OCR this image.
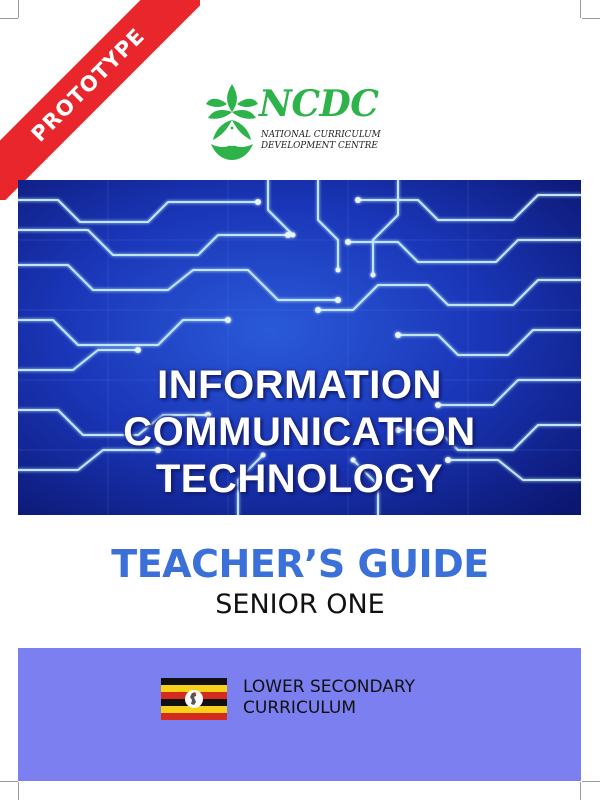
PROTOTYPE	NCDC
NATIONAL CURRICULUM
DEVELOPMENT CENTRE
INFORMATION
COMMUNICATION
TECHNOLOGY
TEACHER’S GUIDE
SENIOR ONE
LOWER SECONDARY
CURRICULUM
